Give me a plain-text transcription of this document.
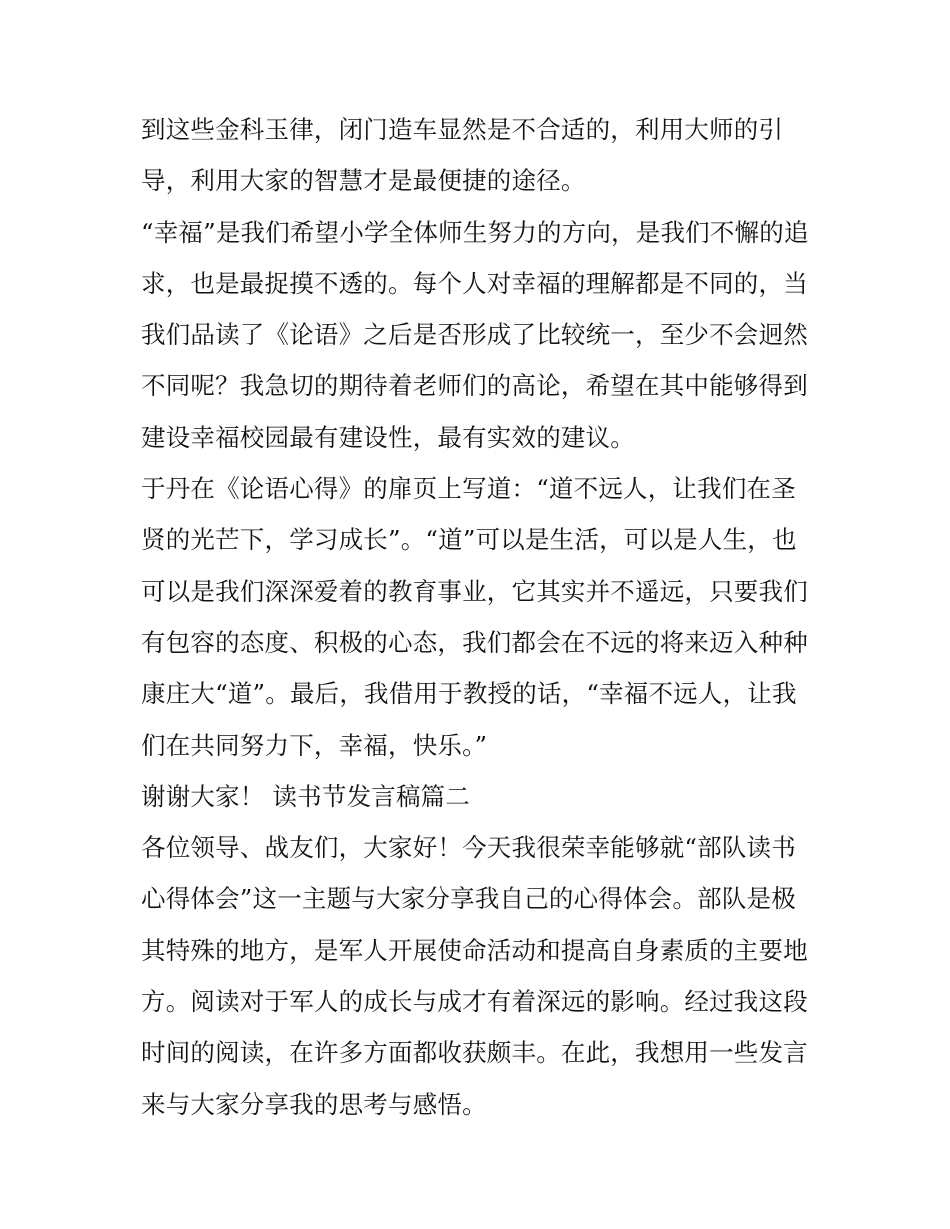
到这些金科玉律，闭门造车显然是不合适的，利用大师的引
导，利用大家的智慧才是最便捷的途径。
“幸福”是我们希望小学全体师生努力的方向，是我们不懈的追
求，也是最捉摸不透的。每个人对幸福的理解都是不同的，当
我们品读了《论语》之后是否形成了比较统一，至少不会迥然
不同呢？我急切的期待着老师们的高论，希望在其中能够得到
建设幸福校园最有建设性，最有实效的建议。
于丹在《论语心得》的扉页上写道：“道不远人，让我们在圣
贤的光芒下，学习成长”。“道”可以是生活，可以是人生，也
可以是我们深深爱着的教育事业，它其实并不遥远，只要我们
有包容的态度、积极的心态，我们都会在不远的将来迈入种种
康庄大“道”。最后，我借用于教授的话，“幸福不远人，让我
们在共同努力下，幸福，快乐。”
谢谢大家！ 读书节发言稿篇二
各位领导、战友们，大家好！今天我很荣幸能够就“部队读书
心得体会”这一主题与大家分享我自己的心得体会。部队是极
其特殊的地方，是军人开展使命活动和提高自身素质的主要地
方。阅读对于军人的成长与成才有着深远的影响。经过我这段
时间的阅读，在许多方面都收获颇丰。在此，我想用一些发言
来与大家分享我的思考与感悟。
